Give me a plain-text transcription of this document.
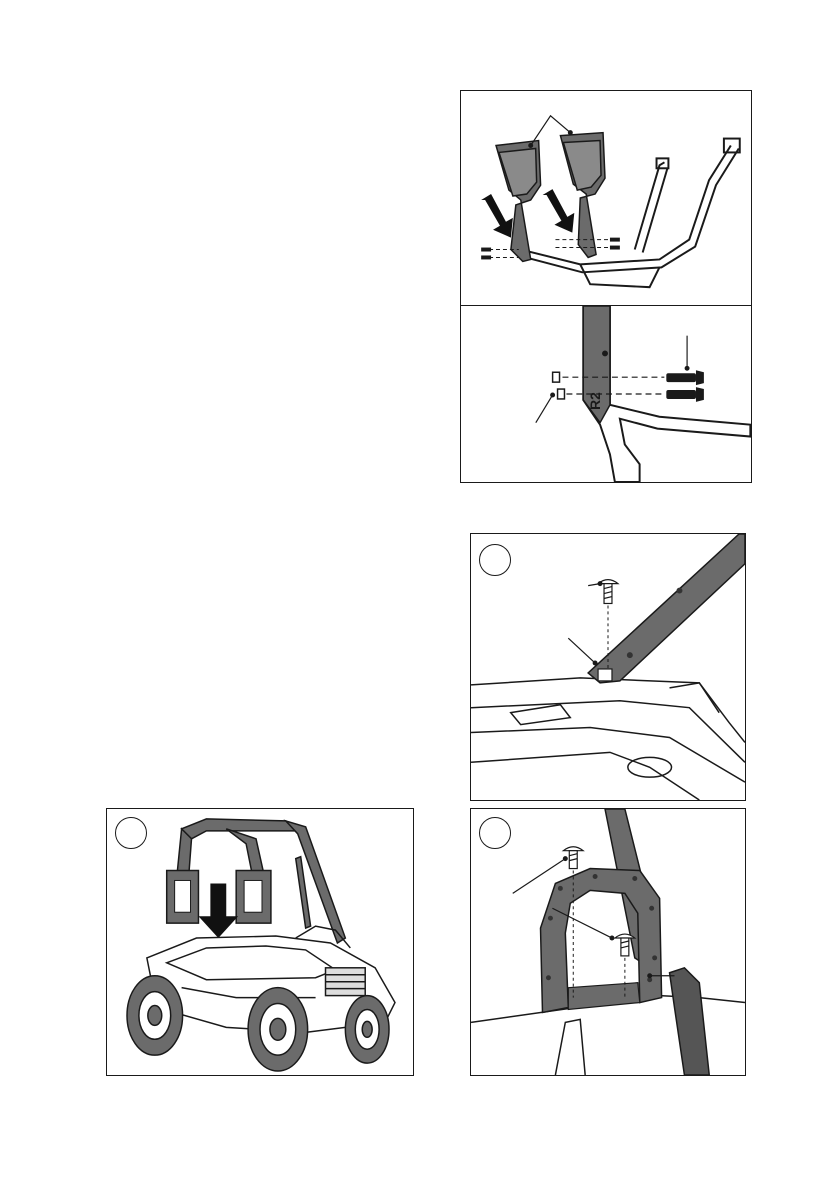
R2
